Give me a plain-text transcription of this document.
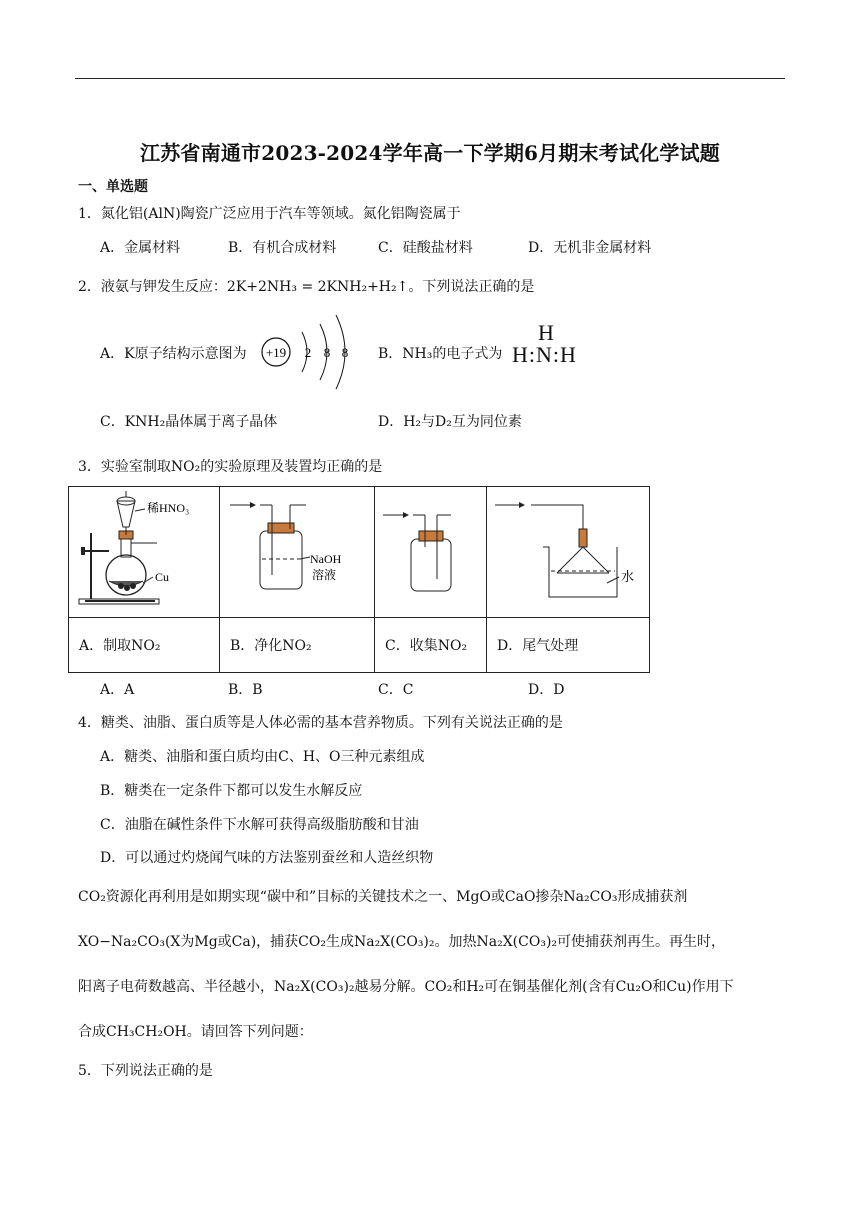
江苏省南通市2023-2024学年高一下学期6月期末考试化学试题
一、单选题
1．氮化铝(AlN)陶瓷广泛应用于汽车等领域。氮化铝陶瓷属于
A．金属材料	B．有机合成材料	C．硅酸盐材料	D．无机非金属材料
2．液氨与钾发生反应：2K+2NH₃ = 2KNH₂+H₂↑。下列说法正确的是
A．K原子结构示意图为 +19 2 8 8 B．NH₃的电子式为
H
H:N:H
C．KNH₂晶体属于离子晶体	D．H₂与D₂互为同位素
3．实验室制取NO₂的实验原理及装置均正确的是
稀HNO₃
Cu	NaOH
溶液		水

A．制取NO₂	B．净化NO₂	C．收集NO₂	D．尾气处理
A．A	B．B	C．C	D．D
4．糖类、油脂、蛋白质等是人体必需的基本营养物质。下列有关说法正确的是
A．糖类、油脂和蛋白质均由C、H、O三种元素组成
B．糖类在一定条件下都可以发生水解反应
C．油脂在碱性条件下水解可获得高级脂肪酸和甘油
D．可以通过灼烧闻气味的方法鉴别蚕丝和人造丝织物
CO₂资源化再利用是如期实现“碳中和”目标的关键技术之一、MgO或CaO掺杂Na₂CO₃形成捕获剂
XO−Na₂CO₃(X为Mg或Ca)，捕获CO₂生成Na₂X(CO₃)₂。加热Na₂X(CO₃)₂可使捕获剂再生。再生时，
阳离子电荷数越高、半径越小，Na₂X(CO₃)₂越易分解。CO₂和H₂可在铜基催化剂(含有Cu₂O和Cu)作用下
合成CH₃CH₂OH。请回答下列问题：
5．下列说法正确的是
